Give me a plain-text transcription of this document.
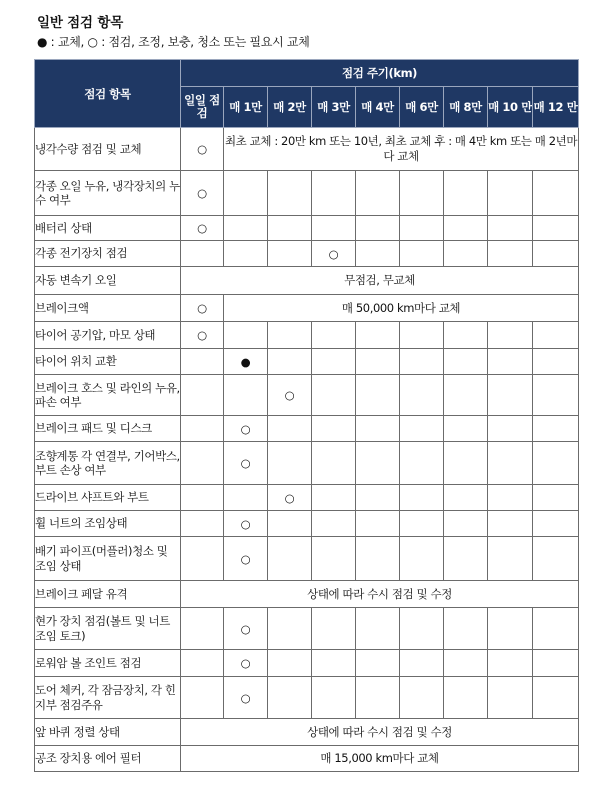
일반 점검 항목
● : 교체, ○ : 점검, 조정, 보충, 청소 또는 필요시 교체
점검 항목	점검 주기(km)								
	일일 점검	매 1만	매 2만	매 3만	매 4만	매 6만	매 8만	매 10 만	매 12 만
냉각수량 점검 및 교체	○	최초 교체 : 20만 km 또는 10년, 최초 교체 후 : 매 4만 km 또는 매 2년마다 교체							
각종 오일 누유, 냉각장치의 누수 여부	○								
배터리 상태	○								
각종 전기장치 점검				○					
자동 변속기 오일	무점검, 무교체								
브레이크액	○	매 50,000 km마다 교체							
타이어 공기압, 마모 상태	○								
타이어 위치 교환		●							
브레이크 호스 및 라인의 누유, 파손 여부			○						
브레이크 패드 및 디스크		○							
조향계통 각 연결부, 기어박스, 부트 손상 여부		○							
드라이브 샤프트와 부트			○						
휠 너트의 조임상태		○							
배기 파이프(머플러)청소 및 조임 상태		○							
브레이크 페달 유격	상태에 따라 수시 점검 및 수정								
현가 장치 점검(볼트 및 너트 조임 토크)		○							
로워암 볼 조인트 점검		○							
도어 체커, 각 잠금장치, 각 힌지부 점검주유		○							
앞 바퀴 정렬 상태	상태에 따라 수시 점검 및 수정								
공조 장치용 에어 필터	매 15,000 km마다 교체								
